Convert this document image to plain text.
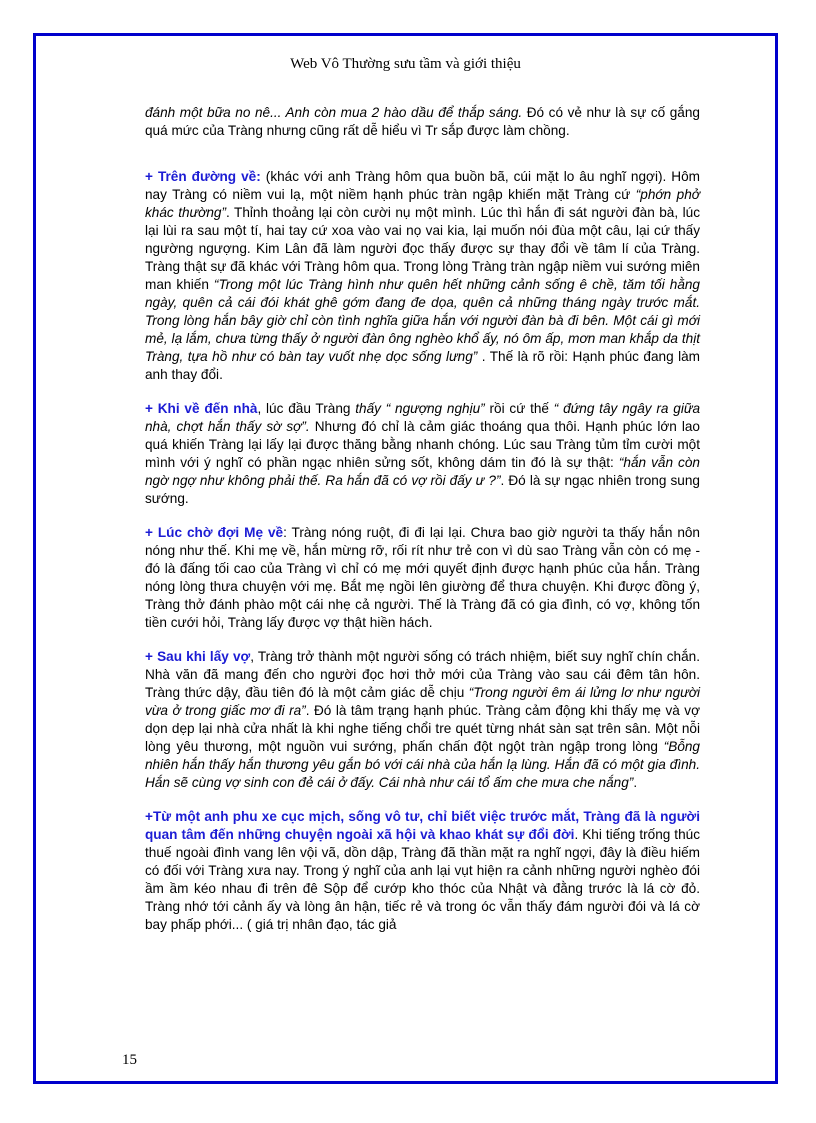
Web Vô Thường sưu tầm và giới thiệu

đánh một bữa no nê... Anh còn mua 2 hào dầu để thắp sáng. Đó có vẻ như là sự cố gắng quá mức của Tràng nhưng cũng rất dễ hiểu vì Tr sắp được làm chồng.

+ Trên đường về: (khác với anh Tràng hôm qua buồn bã, cúi mặt lo âu nghĩ ngợi). Hôm nay Tràng có niềm vui lạ, một niềm hạnh phúc tràn ngập khiến mặt Tràng cứ “phớn phở khác thường”. Thỉnh thoảng lại còn cười nụ một mình. Lúc thì hắn đi sát người đàn bà, lúc lại lùi ra sau một tí, hai tay cứ xoa vào vai nọ vai kia, lại muốn nói đùa một câu, lại cứ thấy ngường ngượng. Kim Lân đã làm người đọc thấy được sự thay đổi về tâm lí của Tràng. Tràng thật sự đã khác với Tràng hôm qua. Trong lòng Tràng tràn ngập niềm vui sướng miên man khiến “Trong một lúc Tràng hình như quên hết những cảnh sống ê chề, tăm tối hằng ngày, quên cả cái đói khát ghê gớm đang đe dọa, quên cả những tháng ngày trước mắt. Trong lòng hắn bây giờ chỉ còn tình nghĩa giữa hắn với người đàn bà đi bên. Một cái gì mới mẻ, lạ lắm, chưa từng thấy ở người đàn ông nghèo khổ ấy, nó ôm ấp, mơn man khắp da thịt Tràng, tựa hồ như có bàn tay vuốt nhẹ dọc sống lưng” . Thế là rõ rồi: Hạnh phúc đang làm anh thay đổi.

+ Khi về đến nhà, lúc đầu Tràng thấy “ ngượng nghịu” rồi cứ thế “ đứng tây ngây ra giữa nhà, chợt hắn thấy sờ sợ”. Nhưng đó chỉ là cảm giác thoáng qua thôi. Hạnh phúc lớn lao quá khiến Tràng lại lấy lại được thăng bằng nhanh chóng. Lúc sau Tràng tủm tỉm cười một mình với ý nghĩ có phần ngạc nhiên sửng sốt, không dám tin đó là sự thật: “hắn vẫn còn ngờ ngợ như không phải thế. Ra hắn đã có vợ rồi đấy ư ?”. Đó là sự ngạc nhiên trong sung sướng.

+ Lúc chờ đợi Mẹ về: Tràng nóng ruột, đi đi lại lại. Chưa bao giờ người ta thấy hắn nôn nóng như thế. Khi mẹ về, hắn mừng rỡ, rối rít như trẻ con vì dù sao Tràng vẫn còn có mẹ - đó là đấng tối cao của Tràng vì chỉ có mẹ mới quyết định được hạnh phúc của hắn. Tràng nóng lòng thưa chuyện với mẹ. Bắt mẹ ngồi lên giường để thưa chuyện. Khi được đồng ý, Tràng thở đánh phào một cái nhẹ cả người. Thế là Tràng đã có gia đình, có vợ, không tốn tiền cưới hỏi, Tràng lấy được vợ thật hiền hách.

+ Sau khi lấy vợ, Tràng trở thành một người sống có trách nhiệm, biết suy nghĩ chín chắn. Nhà văn đã mang đến cho người đọc hơi thở mới của Tràng vào sau cái đêm tân hôn. Tràng thức dậy, đầu tiên đó là một cảm giác dễ chịu “Trong người êm ái lửng lơ như người vừa ở trong giấc mơ đi ra”. Đó là tâm trạng hạnh phúc. Tràng cảm động khi thấy mẹ và vợ dọn dẹp lại nhà cửa nhất là khi nghe tiếng chổi tre quét từng nhát sàn sạt trên sân. Một nỗi lòng yêu thương, một nguồn vui sướng, phấn chấn đột ngột tràn ngập trong lòng “Bỗng nhiên hắn thấy hắn thương yêu gắn bó với cái nhà của hắn lạ lùng. Hắn đã có một gia đình. Hắn sẽ cùng vợ sinh con đẻ cái ở đấy. Cái nhà như cái tổ ấm che mưa che nắng”.

+Từ một anh phu xe cục mịch, sống vô tư, chỉ biết việc trước mắt, Tràng đã là người quan tâm đến những chuyện ngoài xã hội và khao khát sự đổi đời. Khi tiếng trống thúc thuế ngoài đình vang lên vội vã, dồn dập, Tràng đã thần mặt ra nghĩ ngợi, đây là điều hiếm có đối với Tràng xưa nay. Trong ý nghĩ của anh lại vụt hiện ra cảnh những người nghèo đói ầm ầm kéo nhau đi trên đê Sộp để cướp kho thóc của Nhật và đằng trước là lá cờ đỏ. Tràng nhớ tới cảnh ấy và lòng ân hận, tiếc rẻ và trong óc vẫn thấy đám người đói và lá cờ bay phấp phới... ( giá trị nhân đạo, tác giả

15
